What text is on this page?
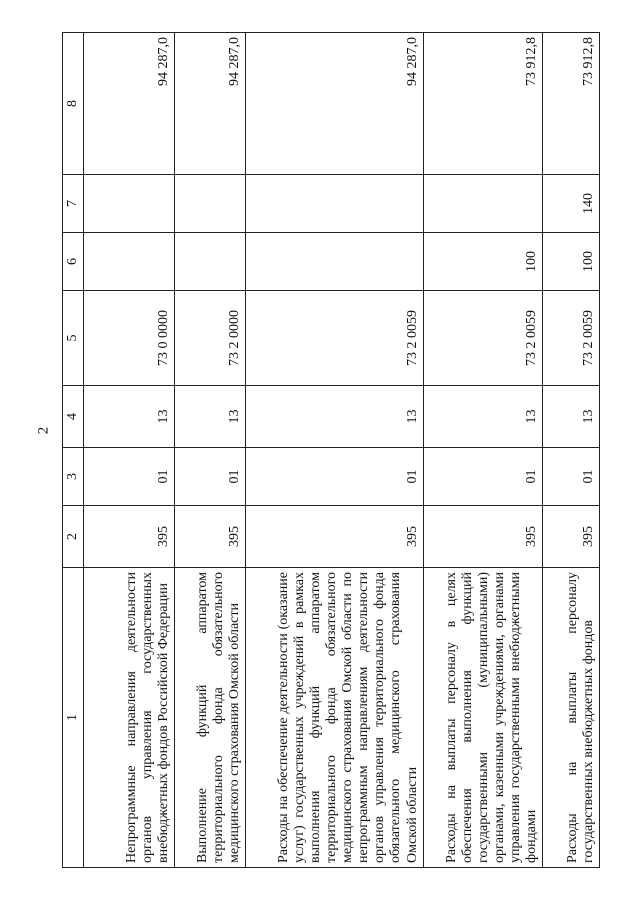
2
1	2	3	4	5	6	7	8
Непрограммные направления деятельности органов управления государственных внебюджетных фондов Российской Федерации	395	01	13	73 0 0000			94 287,0
Выполнение функций аппаратом территориального фонда обязательного медицинского страхования Омской области	395	01	13	73 2 0000			94 287,0
Расходы на обеспечение деятельности (оказание услуг) государственных учреждений в рамках выполнения функций аппаратом территориального фонда обязательного медицинского страхования Омской области по непрограммным направлениям деятельности органов управления территориального фонда обязательного медицинского страхования Омской области	395	01	13	73 2 0059			94 287,0
Расходы на выплаты персоналу в целях обеспечения выполнения функций государственными (муниципальными) органами, казенными учреждениями, органами управления государственными внебюджетными фондами	395	01	13	73 2 0059	100		73 912,8
Расходы на выплаты персоналу государственных внебюджетных фондов	395	01	13	73 2 0059	100	140	73 912,8
